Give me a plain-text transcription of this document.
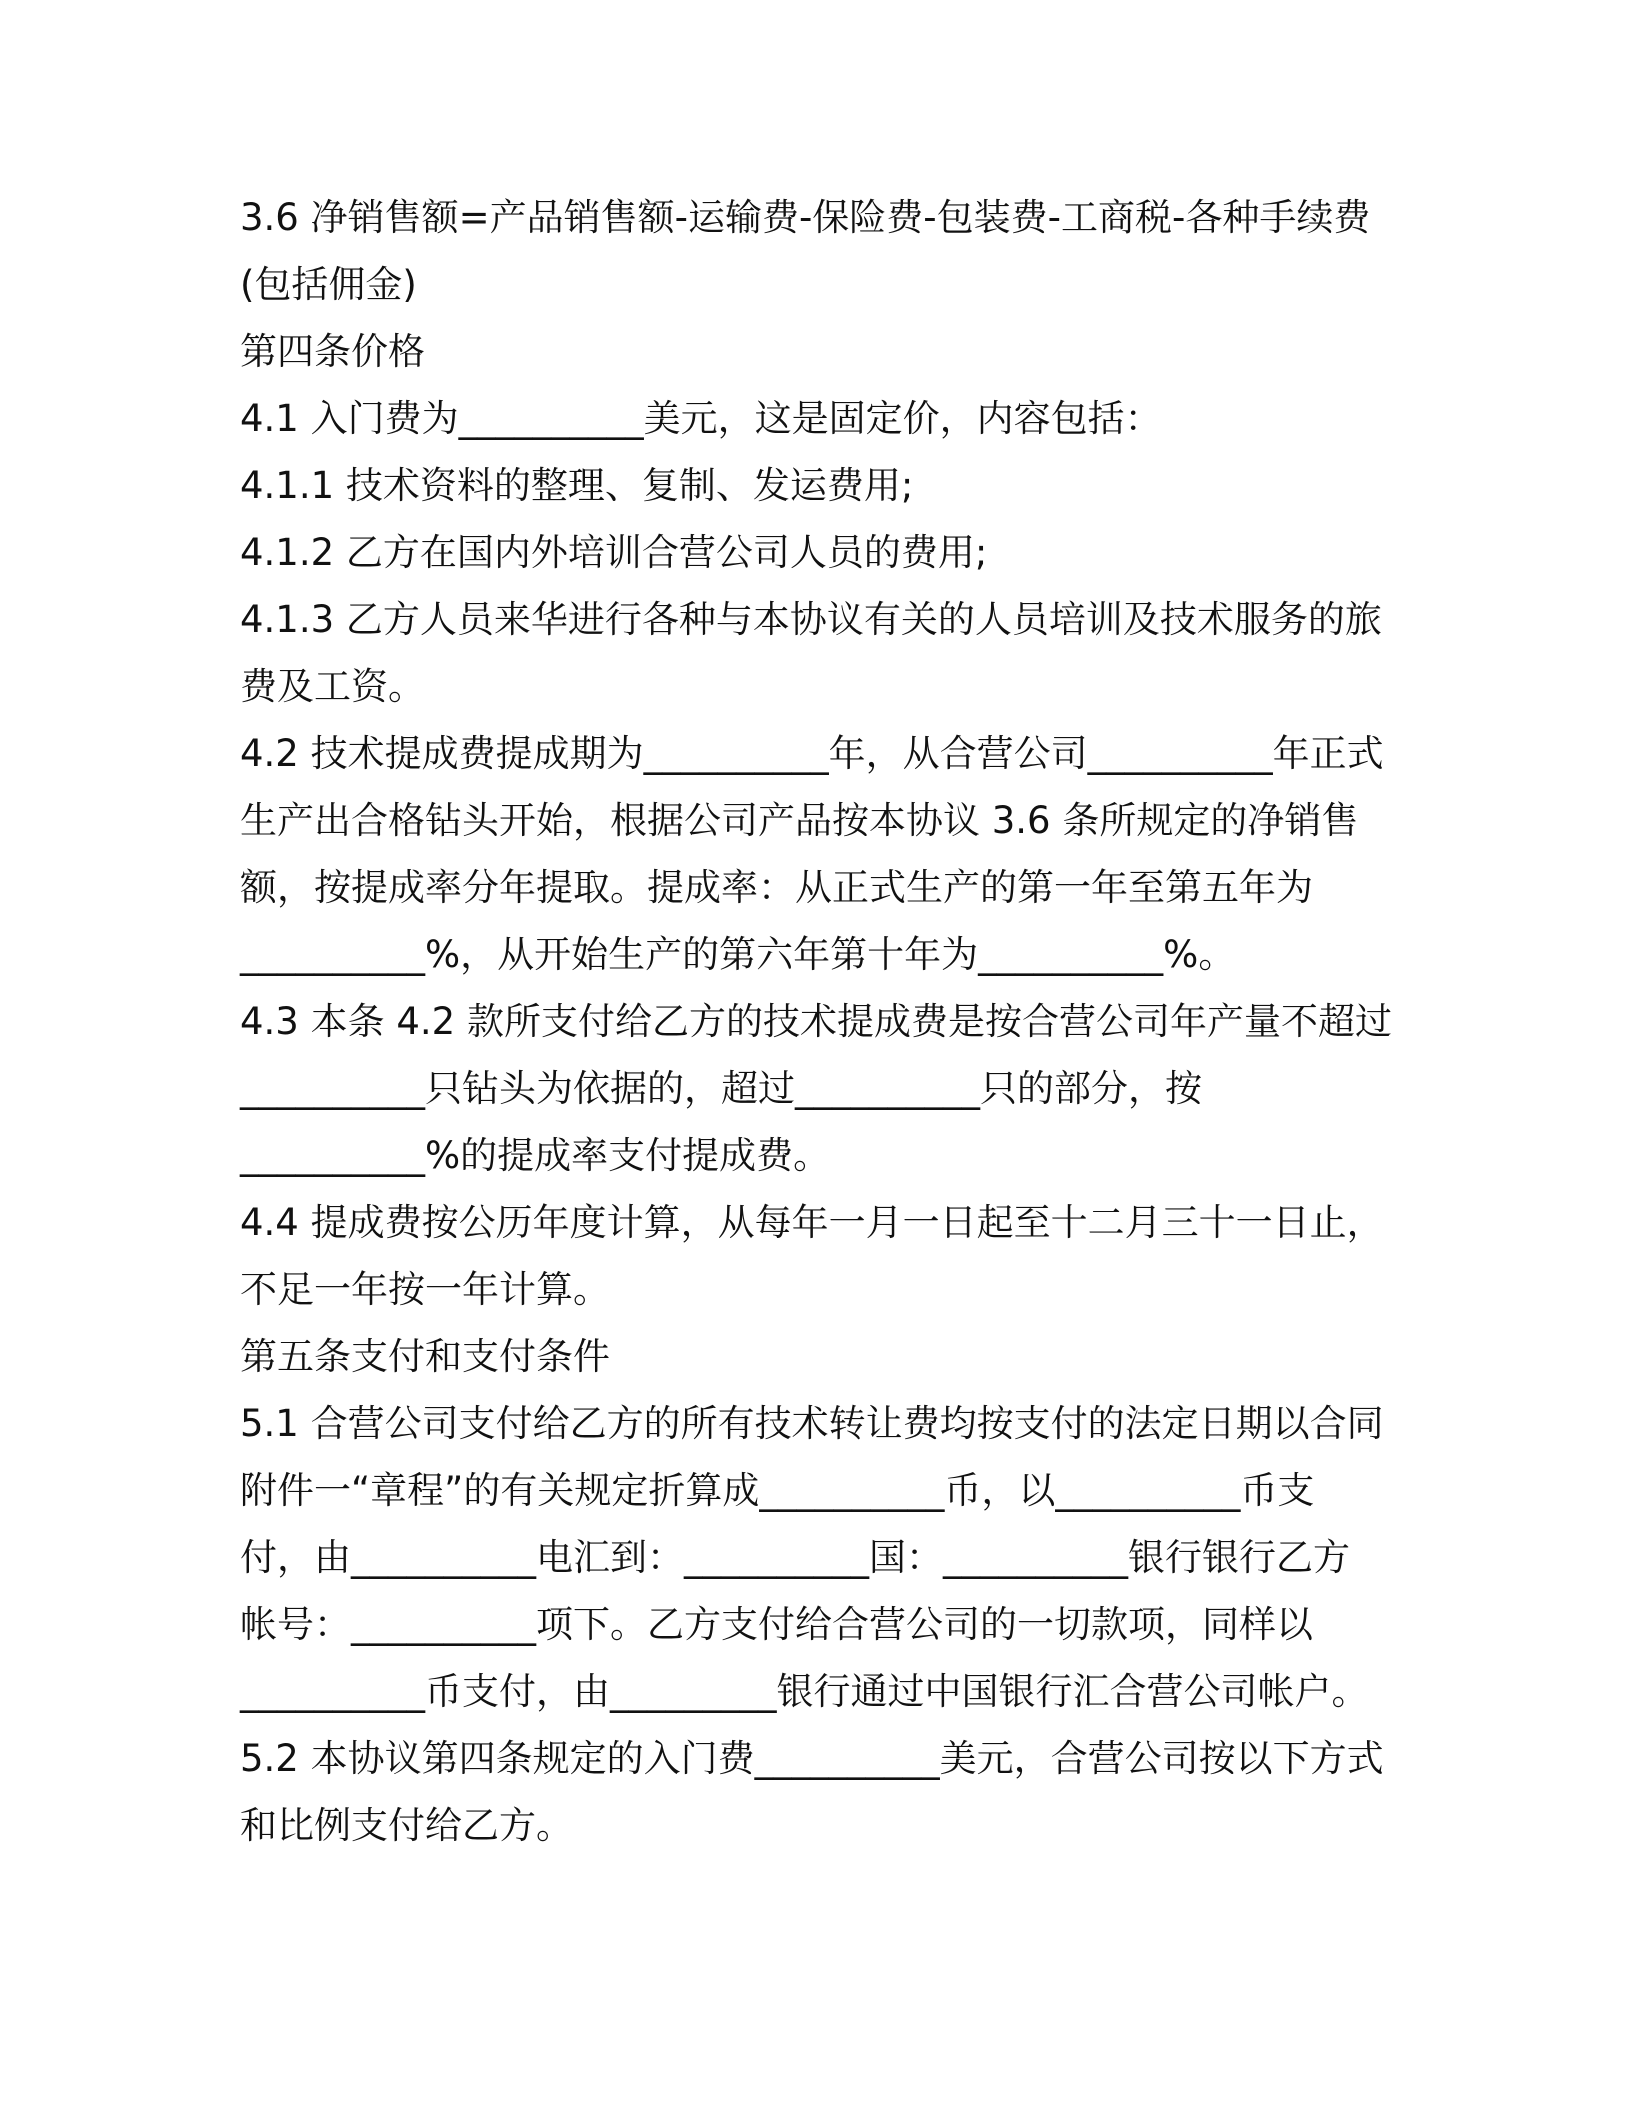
3.6 净销售额=产品销售额-运输费-保险费-包装费-工商税-各种手续费
(包括佣金)
第四条价格
4.1 入门费为__________美元，这是固定价，内容包括：
4.1.1 技术资料的整理、复制、发运费用;
4.1.2 乙方在国内外培训合营公司人员的费用;
4.1.3 乙方人员来华进行各种与本协议有关的人员培训及技术服务的旅
费及工资。
4.2 技术提成费提成期为__________年，从合营公司__________年正式
生产出合格钻头开始，根据公司产品按本协议 3.6 条所规定的净销售
额，按提成率分年提取。提成率：从正式生产的第一年至第五年为
__________%，从开始生产的第六年第十年为__________%。
4.3 本条 4.2 款所支付给乙方的技术提成费是按合营公司年产量不超过
__________只钻头为依据的，超过__________只的部分，按
__________%的提成率支付提成费。
4.4 提成费按公历年度计算，从每年一月一日起至十二月三十一日止，
不足一年按一年计算。
第五条支付和支付条件
5.1 合营公司支付给乙方的所有技术转让费均按支付的法定日期以合同
附件一“章程”的有关规定折算成__________币，以__________币支
付，由__________电汇到：__________国：__________银行银行乙方
帐号：__________项下。乙方支付给合营公司的一切款项，同样以
__________币支付，由_________银行通过中国银行汇合营公司帐户。
5.2 本协议第四条规定的入门费__________美元，合营公司按以下方式
和比例支付给乙方。
